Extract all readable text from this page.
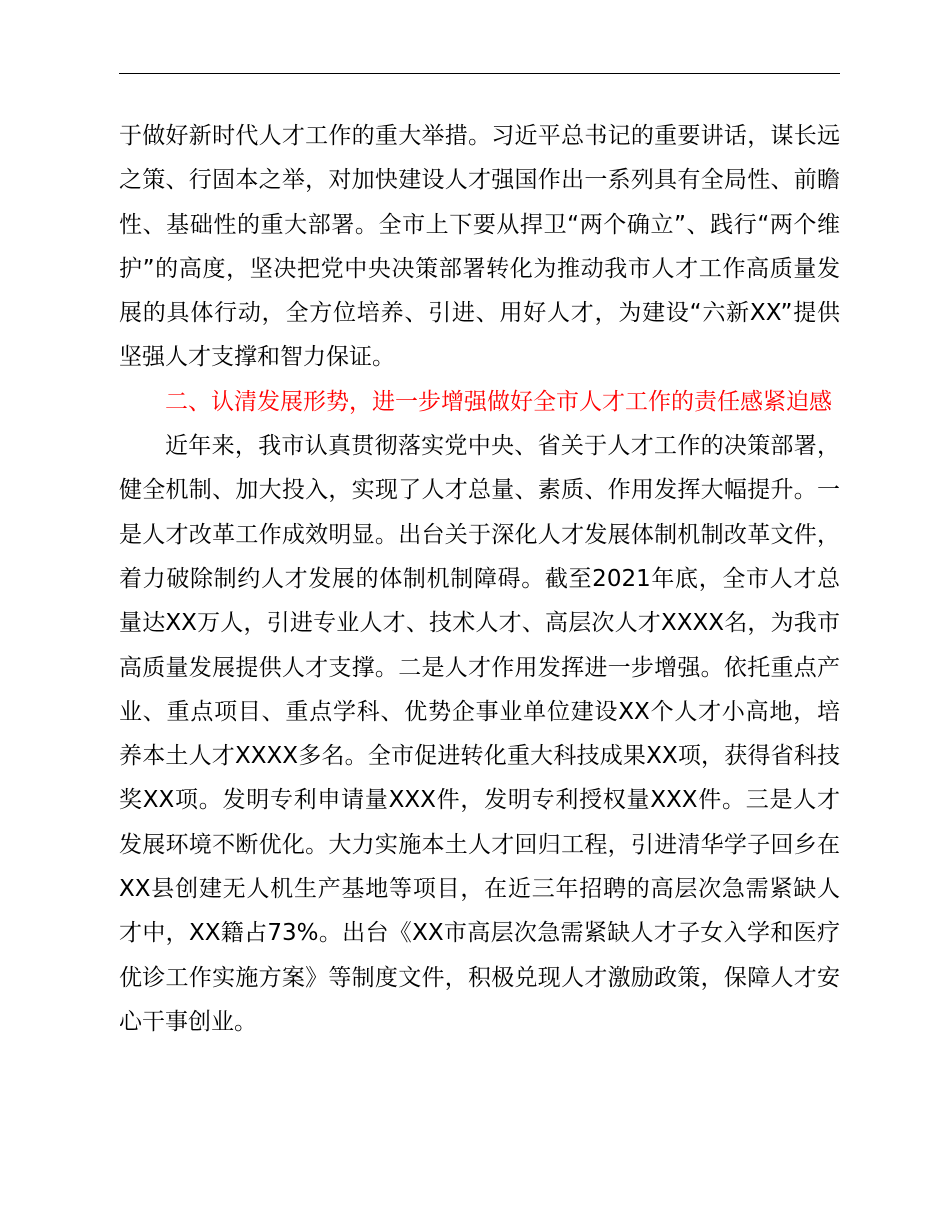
于做好新时代人才工作的重大举措。习近平总书记的重要讲话，谋长远之策、行固本之举，对加快建设人才强国作出一系列具有全局性、前瞻性、基础性的重大部署。全市上下要从捍卫“两个确立”、践行“两个维护”的高度，坚决把党中央决策部署转化为推动我市人才工作高质量发展的具体行动，全方位培养、引进、用好人才，为建设“六新XX”提供坚强人才支撑和智力保证。

二、认清发展形势，进一步增强做好全市人才工作的责任感紧迫感

近年来，我市认真贯彻落实党中央、省关于人才工作的决策部署，健全机制、加大投入，实现了人才总量、素质、作用发挥大幅提升。一是人才改革工作成效明显。出台关于深化人才发展体制机制改革文件，着力破除制约人才发展的体制机制障碍。截至2021年底，全市人才总量达XX万人，引进专业人才、技术人才、高层次人才XXXX名，为我市高质量发展提供人才支撑。二是人才作用发挥进一步增强。依托重点产业、重点项目、重点学科、优势企事业单位建设XX个人才小高地，培养本土人才XXXX多名。全市促进转化重大科技成果XX项，获得省科技奖XX项。发明专利申请量XXX件，发明专利授权量XXX件。三是人才发展环境不断优化。大力实施本土人才回归工程，引进清华学子回乡在XX县创建无人机生产基地等项目，在近三年招聘的高层次急需紧缺人才中，XX籍占73%。出台《XX市高层次急需紧缺人才子女入学和医疗优诊工作实施方案》等制度文件，积极兑现人才激励政策，保障人才安心干事创业。
